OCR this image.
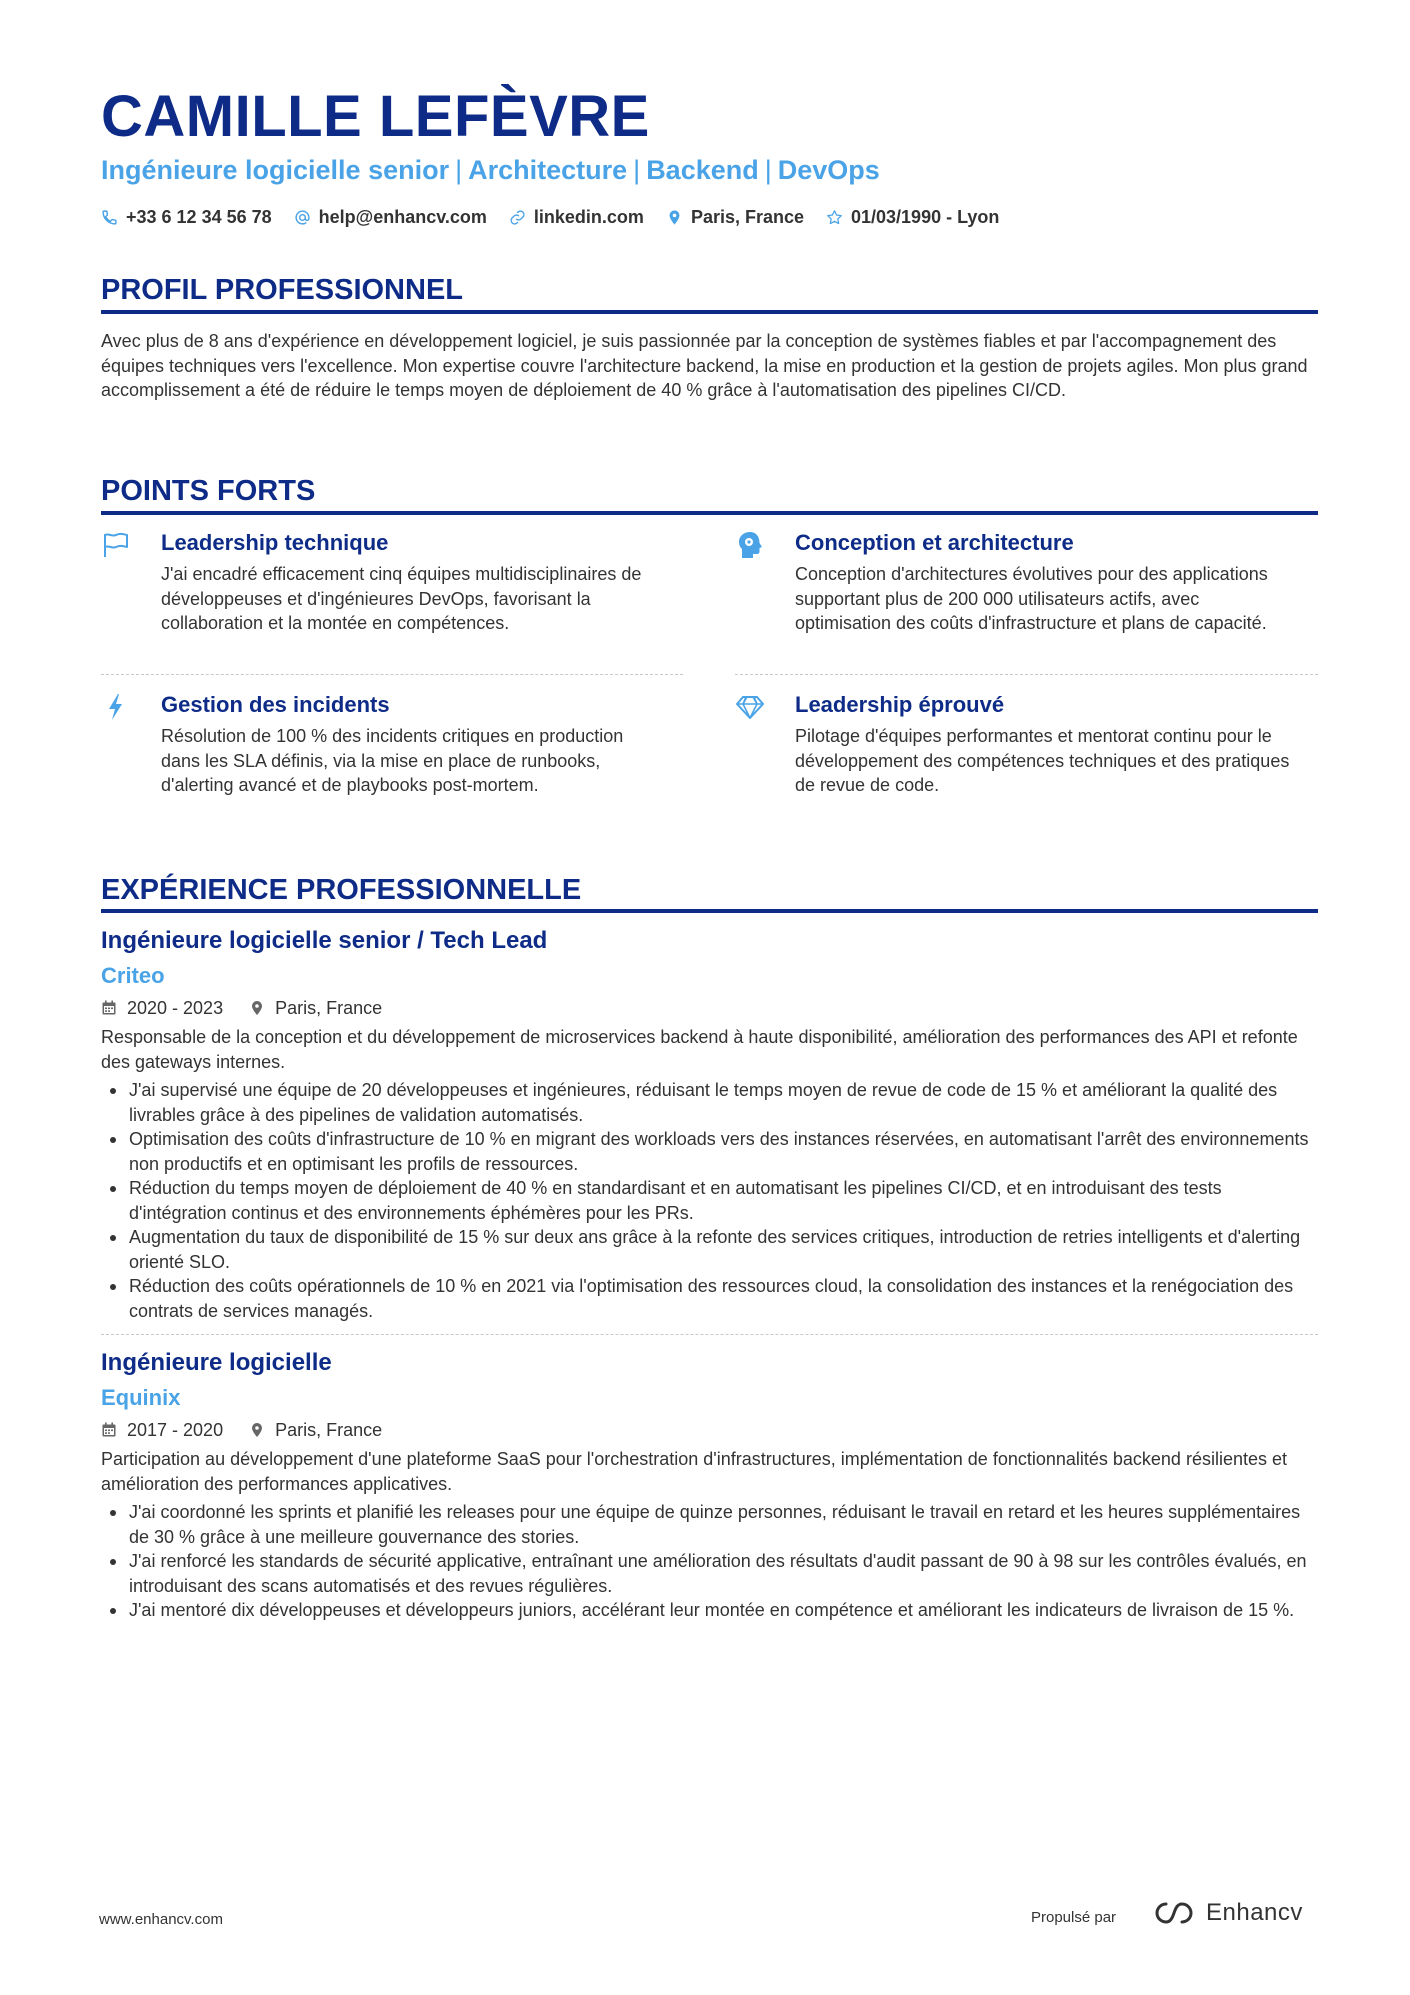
CAMILLE LEFÈVRE
Ingénieure logicielle senior | Architecture | Backend | DevOps
+33 6 12 34 56 78	help@enhancv.com	linkedin.com	Paris, France	01/03/1990 - Lyon
PROFIL PROFESSIONNEL
Avec plus de 8 ans d'expérience en développement logiciel, je suis passionnée par la conception de systèmes fiables et par l'accompagnement des équipes techniques vers l'excellence. Mon expertise couvre l'architecture backend, la mise en production et la gestion de projets agiles. Mon plus grand accomplissement a été de réduire le temps moyen de déploiement de 40 % grâce à l'automatisation des pipelines CI/CD.
POINTS FORTS
Leadership technique
J'ai encadré efficacement cinq équipes multidisciplinaires de développeuses et d'ingénieures DevOps, favorisant la collaboration et la montée en compétences.
Conception et architecture
Conception d'architectures évolutives pour des applications supportant plus de 200 000 utilisateurs actifs, avec optimisation des coûts d'infrastructure et plans de capacité.
Gestion des incidents
Résolution de 100 % des incidents critiques en production dans les SLA définis, via la mise en place de runbooks, d'alerting avancé et de playbooks post-mortem.
Leadership éprouvé
Pilotage d'équipes performantes et mentorat continu pour le développement des compétences techniques et des pratiques de revue de code.
EXPÉRIENCE PROFESSIONNELLE
Ingénieure logicielle senior / Tech Lead
Criteo
2020 - 2023	Paris, France
Responsable de la conception et du développement de microservices backend à haute disponibilité, amélioration des performances des API et refonte des gateways internes.
J'ai supervisé une équipe de 20 développeuses et ingénieures, réduisant le temps moyen de revue de code de 15 % et améliorant la qualité des livrables grâce à des pipelines de validation automatisés.
Optimisation des coûts d'infrastructure de 10 % en migrant des workloads vers des instances réservées, en automatisant l'arrêt des environnements non productifs et en optimisant les profils de ressources.
Réduction du temps moyen de déploiement de 40 % en standardisant et en automatisant les pipelines CI/CD, et en introduisant des tests d'intégration continus et des environnements éphémères pour les PRs.
Augmentation du taux de disponibilité de 15 % sur deux ans grâce à la refonte des services critiques, introduction de retries intelligents et d'alerting orienté SLO.
Réduction des coûts opérationnels de 10 % en 2021 via l'optimisation des ressources cloud, la consolidation des instances et la renégociation des contrats de services managés.
Ingénieure logicielle
Equinix
2017 - 2020	Paris, France
Participation au développement d'une plateforme SaaS pour l'orchestration d'infrastructures, implémentation de fonctionnalités backend résilientes et amélioration des performances applicatives.
J'ai coordonné les sprints et planifié les releases pour une équipe de quinze personnes, réduisant le travail en retard et les heures supplémentaires de 30 % grâce à une meilleure gouvernance des stories.
J'ai renforcé les standards de sécurité applicative, entraînant une amélioration des résultats d'audit passant de 90 à 98 sur les contrôles évalués, en introduisant des scans automatisés et des revues régulières.
J'ai mentoré dix développeuses et développeurs juniors, accélérant leur montée en compétence et améliorant les indicateurs de livraison de 15 %.
www.enhancv.com	Propulsé par	Enhancv
